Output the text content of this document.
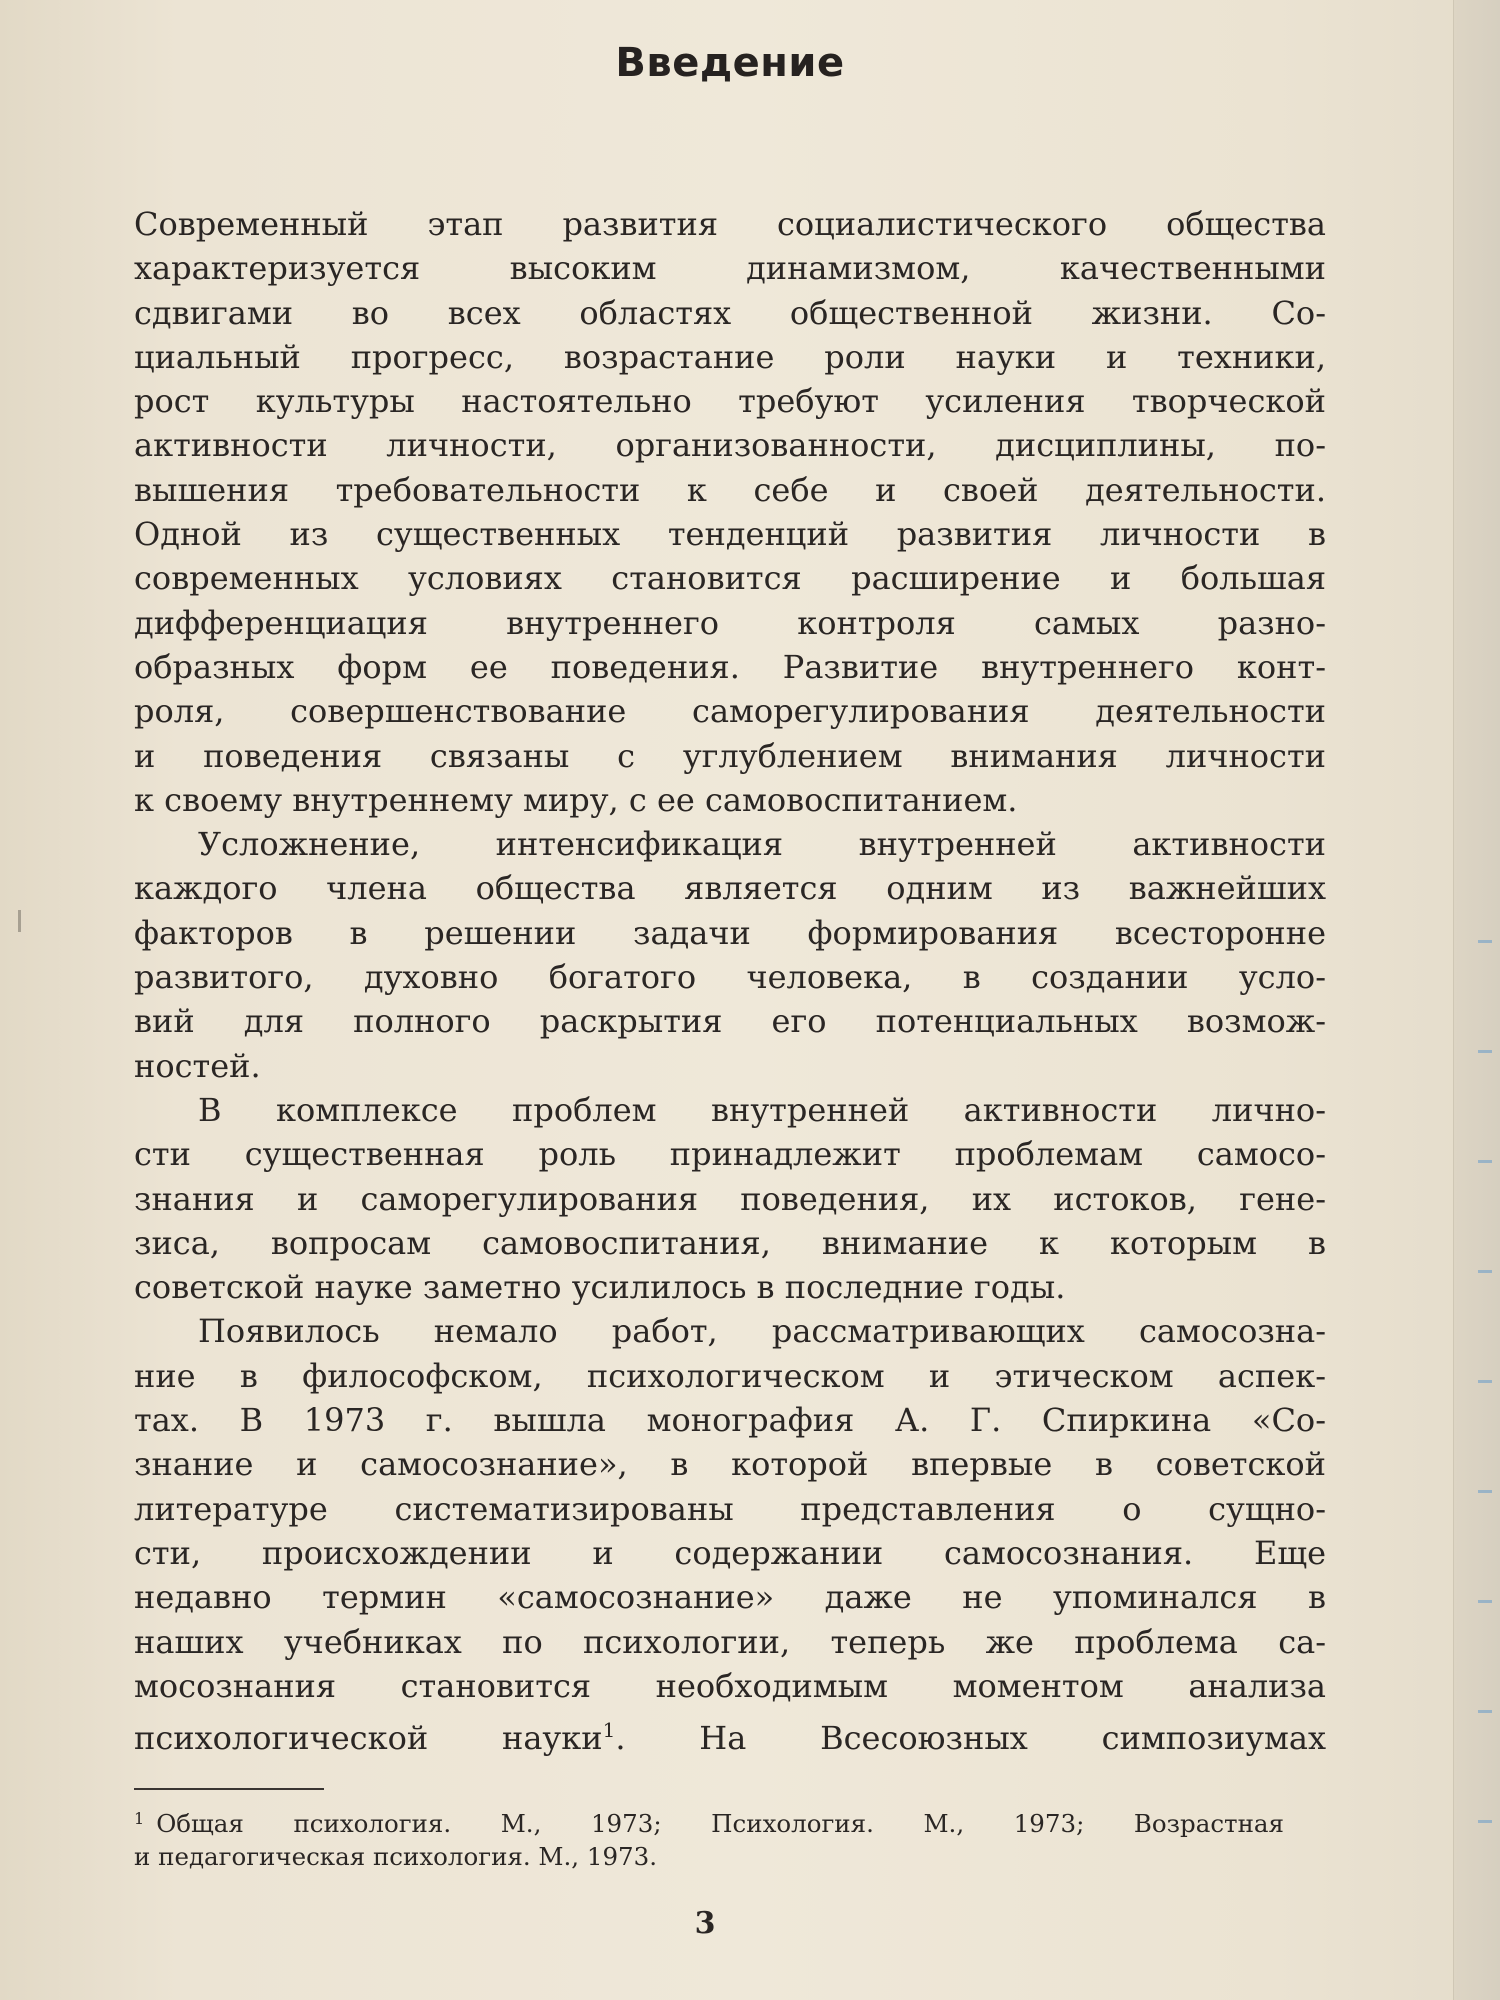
Введение
Современный этап развития социалистического общества
характеризуется высоким динамизмом, качественными
сдвигами во всех областях общественной жизни. Со-
циальный прогресс, возрастание роли науки и техники,
рост культуры настоятельно требуют усиления творческой
активности личности, организованности, дисциплины, по-
вышения требовательности к себе и своей деятельности.
Одной из существенных тенденций развития личности в
современных условиях становится расширение и большая
дифференциация внутреннего контроля самых разно-
образных форм ее поведения. Развитие внутреннего конт-
роля, совершенствование саморегулирования деятельности
и поведения связаны с углублением внимания личности
к своему внутреннему миру, с ее самовоспитанием.
Усложнение, интенсификация внутренней активности
каждого члена общества является одним из важнейших
факторов в решении задачи формирования всесторонне
развитого, духовно богатого человека, в создании усло-
вий для полного раскрытия его потенциальных возмож-
ностей.
В комплексе проблем внутренней активности лично-
сти существенная роль принадлежит проблемам самосо-
знания и саморегулирования поведения, их истоков, гене-
зиса, вопросам самовоспитания, внимание к которым в
советской науке заметно усилилось в последние годы.
Появилось немало работ, рассматривающих самосозна-
ние в философском, психологическом и этическом аспек-
тах. В 1973 г. вышла монография А. Г. Спиркина «Со-
знание и самосознание», в которой впервые в советской
литературе систематизированы представления о сущно-
сти, происхождении и содержании самосознания. Еще
недавно термин «самосознание» даже не упоминался в
наших учебниках по психологии, теперь же проблема са-
мосознания становится необходимым моментом анализа
психологической науки$^1$. На Всесоюзных симпозиумах
$^1$ Общая психология. М., 1973; Психология. М., 1973; Возрастная
и педагогическая психология. М., 1973.
3
